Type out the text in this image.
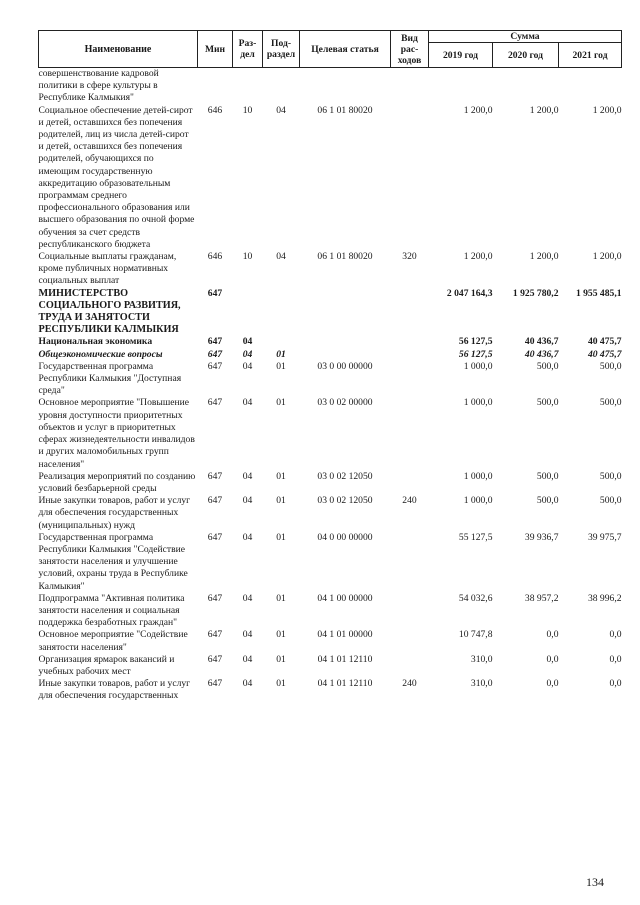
Наименование	Мин	Раз-дел	Под-раздел	Целевая статья	Вид рас-ходов	Сумма		
						2019 год	2020 год	2021 год
совершенствование кадровой политики в сфере культуры в Республике Калмыкия"								
Социальное обеспечение детей-сирот и детей, оставшихся без попечения родителей, лиц из числа детей-сирот и детей, оставшихся без попечения родителей, обучающихся по имеющим государственную аккредитацию образовательным программам среднего профессионального образования или высшего образования по очной форме обучения за счет средств республиканского бюджета	646	10	04	06 1 01 80020		1 200,0	1 200,0	1 200,0
Социальные выплаты гражданам, кроме публичных нормативных социальных выплат	646	10	04	06 1 01 80020	320	1 200,0	1 200,0	1 200,0
МИНИСТЕРСТВО СОЦИАЛЬНОГО РАЗВИТИЯ, ТРУДА И ЗАНЯТОСТИ РЕСПУБЛИКИ КАЛМЫКИЯ	647					2 047 164,3	1 925 780,2	1 955 485,1
Национальная экономика	647	04				56 127,5	40 436,7	40 475,7
Общеэкономические вопросы	647	04	01			56 127,5	40 436,7	40 475,7
Государственная программа Республики Калмыкия "Доступная среда"	647	04	01	03 0 00 00000		1 000,0	500,0	500,0
Основное мероприятие "Повышение уровня доступности приоритетных объектов и услуг в приоритетных сферах жизнедеятельности инвалидов и других маломобильных групп населения"	647	04	01	03 0 02 00000		1 000,0	500,0	500,0
Реализация мероприятий по созданию условий безбарьерной среды	647	04	01	03 0 02 12050		1 000,0	500,0	500,0
Иные закупки товаров, работ и услуг для обеспечения государственных (муниципальных) нужд	647	04	01	03 0 02 12050	240	1 000,0	500,0	500,0
Государственная программа Республики Калмыкия "Содействие занятости населения и улучшение условий, охраны труда в Республике Калмыкия"	647	04	01	04 0 00 00000		55 127,5	39 936,7	39 975,7
Подпрограмма "Активная политика занятости населения и социальная поддержка безработных граждан"	647	04	01	04 1 00 00000		54 032,6	38 957,2	38 996,2
Основное мероприятие "Содействие занятости населения"	647	04	01	04 1 01 00000		10 747,8	0,0	0,0
Организация ярмарок вакансий и учебных рабочих мест	647	04	01	04 1 01 12110		310,0	0,0	0,0
Иные закупки товаров, работ и услуг для обеспечения государственных	647	04	01	04 1 01 12110	240	310,0	0,0	0,0
134
